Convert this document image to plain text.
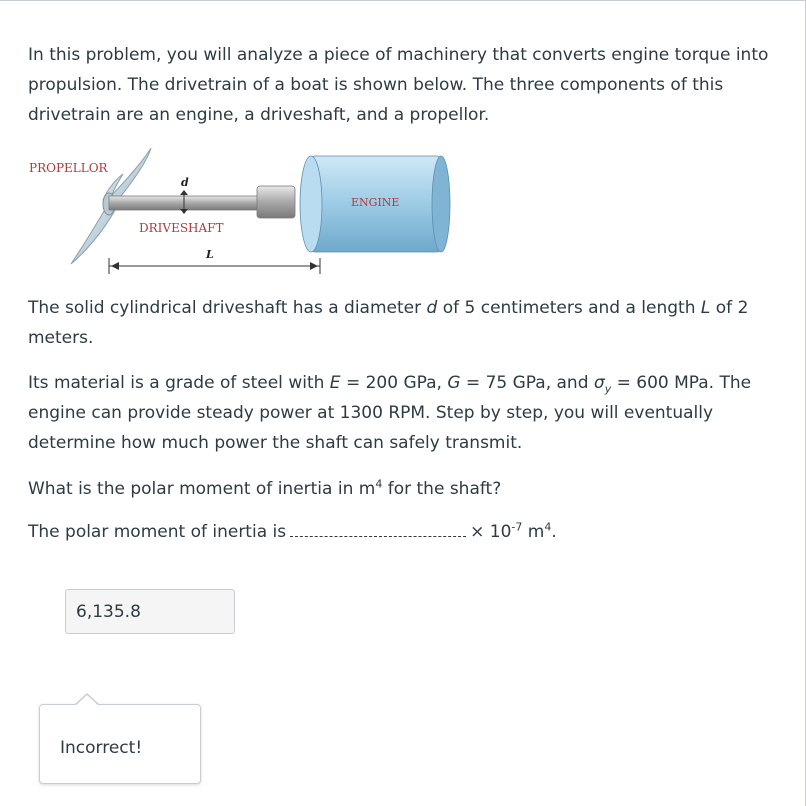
In this problem, you will analyze a piece of machinery that converts engine torque into propulsion. The drivetrain of a boat is shown below. The three components of this drivetrain are an engine, a driveshaft, and a propellor.

PROPELLOR
d
DRIVESHAFT
ENGINE
L

The solid cylindrical driveshaft has a diameter d of 5 centimeters and a length L of 2 meters.

Its material is a grade of steel with E = 200 GPa, G = 75 GPa, and $\sigma_y = 600$ MPa. The engine can provide steady power at 1300 RPM. Step by step, you will eventually determine how much power the shaft can safely transmit.

What is the polar moment of inertia in $m^4$ for the shaft?

The polar moment of inertia is	× $10^{-7}$ $m^4$.

6,135.8
Incorrect!
